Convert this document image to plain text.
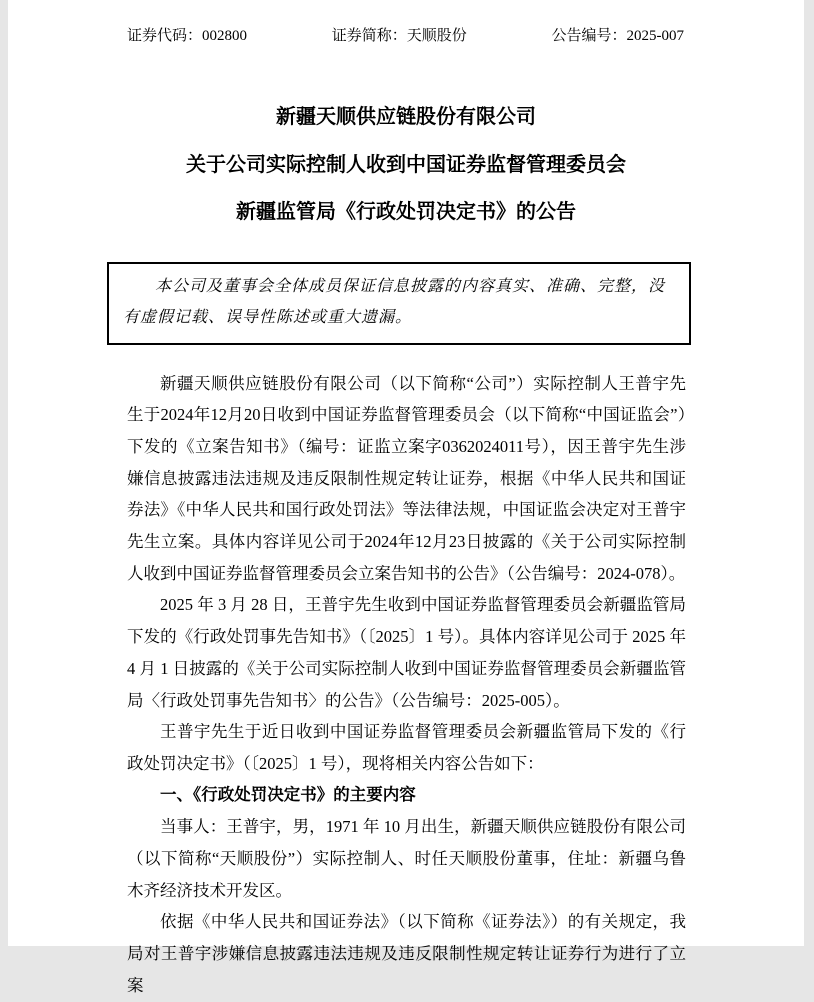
证券代码：002800	证券简称：天顺股份	公告编号：2025-007
新疆天顺供应链股份有限公司
关于公司实际控制人收到中国证券监督管理委员会
新疆监管局《行政处罚决定书》的公告

本公司及董事会全体成员保证信息披露的内容真实、准确、完整，没有虚假记载、误导性陈述或重大遗漏。

新疆天顺供应链股份有限公司（以下简称“公司”）实际控制人王普宇先生于2024年12月20日收到中国证券监督管理委员会（以下简称“中国证监会”）下发的《立案告知书》（编号：证监立案字0362024011号），因王普宇先生涉嫌信息披露违法违规及违反限制性规定转让证券，根据《中华人民共和国证券法》《中华人民共和国行政处罚法》等法律法规，中国证监会决定对王普宇先生立案。具体内容详见公司于2024年12月23日披露的《关于公司实际控制人收到中国证券监督管理委员会立案告知书的公告》（公告编号：2024-078）。

2025 年 3 月 28 日，王普宇先生收到中国证券监督管理委员会新疆监管局下发的《行政处罚事先告知书》（〔2025〕1 号）。具体内容详见公司于 2025 年 4 月 1 日披露的《关于公司实际控制人收到中国证券监督管理委员会新疆监管局〈行政处罚事先告知书〉的公告》（公告编号：2025-005）。

王普宇先生于近日收到中国证券监督管理委员会新疆监管局下发的《行政处罚决定书》（〔2025〕1 号），现将相关内容公告如下：

一、《行政处罚决定书》的主要内容

当事人：王普宇，男，1971 年 10 月出生，新疆天顺供应链股份有限公司（以下简称“天顺股份”）实际控制人、时任天顺股份董事，住址：新疆乌鲁木齐经济技术开发区。

依据《中华人民共和国证券法》（以下简称《证券法》）的有关规定，我局对王普宇涉嫌信息披露违法违规及违反限制性规定转让证券行为进行了立案
